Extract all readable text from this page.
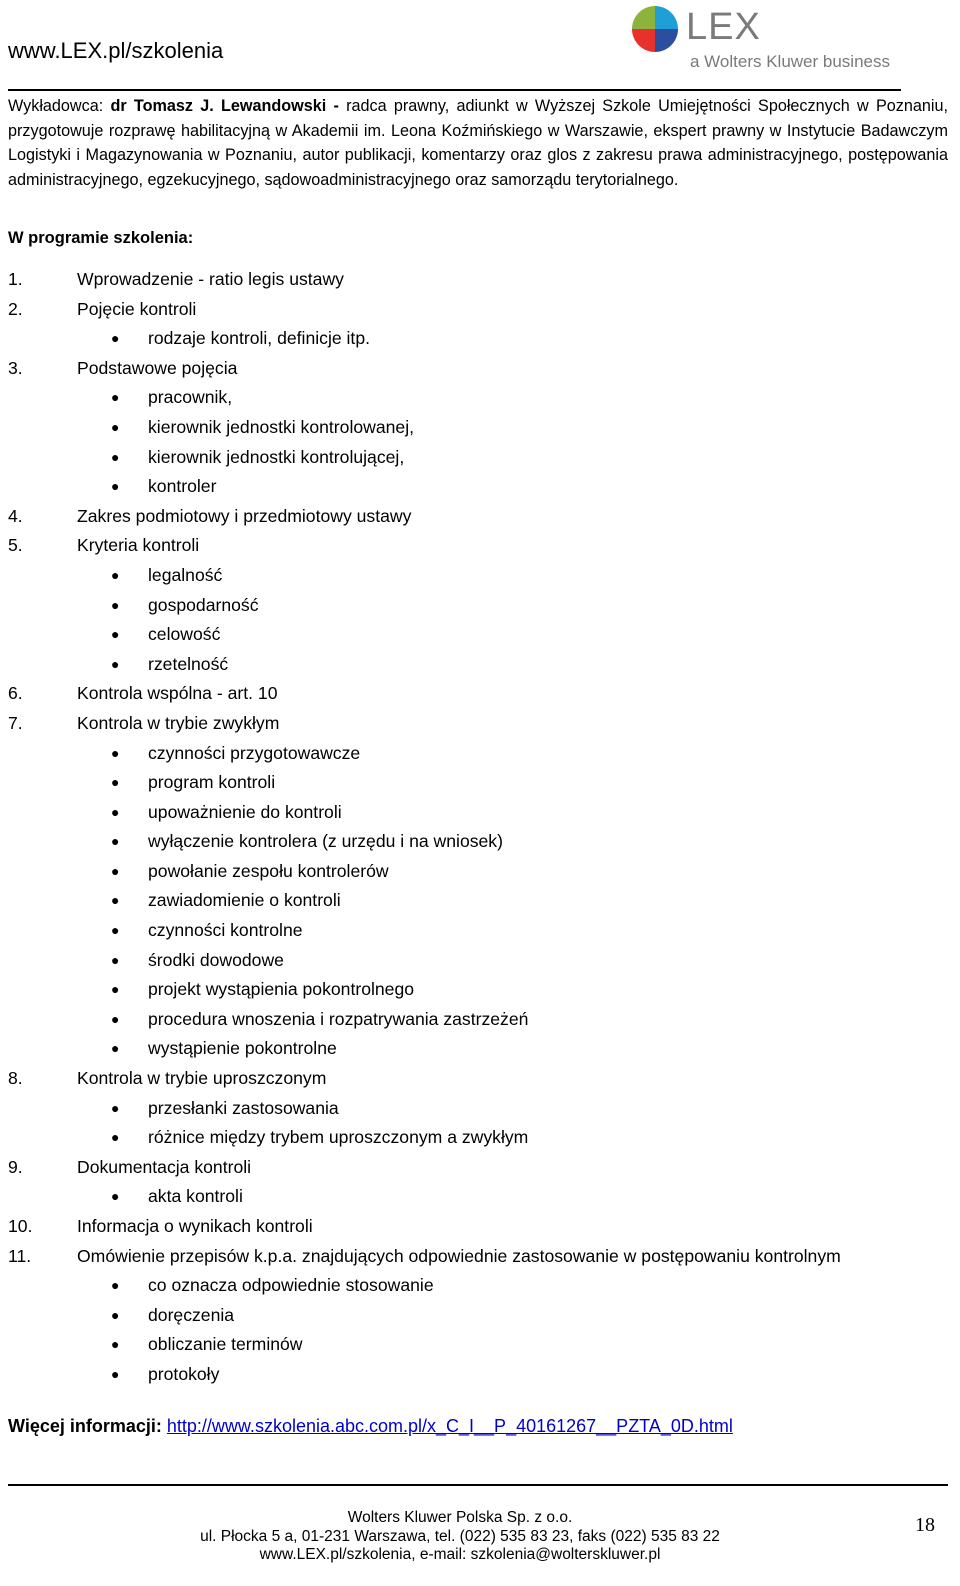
www.LEX.pl/szkolenia
LEX
a Wolters Kluwer business
Wykładowca: dr Tomasz J. Lewandowski - radca prawny, adiunkt w Wyższej Szkole Umiejętności Społecznych w Poznaniu, przygotowuje rozprawę habilitacyjną w Akademii im. Leona Koźmińskiego w Warszawie, ekspert prawny w Instytucie Badawczym Logistyki i Magazynowania w Poznaniu, autor publikacji, komentarzy oraz glos z zakresu prawa administracyjnego, postępowania administracyjnego, egzekucyjnego, sądowoadministracyjnego oraz samorządu terytorialnego.
W programie szkolenia:
1.	Wprowadzenie - ratio legis ustawy
2.	Pojęcie kontroli
● rodzaje kontroli, definicje itp.
3.	Podstawowe pojęcia
● pracownik,
● kierownik jednostki kontrolowanej,
● kierownik jednostki kontrolującej,
● kontroler
4.	Zakres podmiotowy i przedmiotowy ustawy
5.	Kryteria kontroli
● legalność
● gospodarność
● celowość
● rzetelność
6.	Kontrola wspólna - art. 10
7.	Kontrola w trybie zwykłym
● czynności przygotowawcze
● program kontroli
● upoważnienie do kontroli
● wyłączenie kontrolera (z urzędu i na wniosek)
● powołanie zespołu kontrolerów
● zawiadomienie o kontroli
● czynności kontrolne
● środki dowodowe
● projekt wystąpienia pokontrolnego
● procedura wnoszenia i rozpatrywania zastrzeżeń
● wystąpienie pokontrolne
8.	Kontrola w trybie uproszczonym
● przesłanki zastosowania
● różnice między trybem uproszczonym a zwykłym
9.	Dokumentacja kontroli
● akta kontroli
10.	Informacja o wynikach kontroli
11.	Omówienie przepisów k.p.a. znajdujących odpowiednie zastosowanie w postępowaniu kontrolnym
● co oznacza odpowiednie stosowanie
● doręczenia
● obliczanie terminów
● protokoły
Więcej informacji: http://www.szkolenia.abc.com.pl/x_C_I__P_40161267__PZTA_0D.html
Wolters Kluwer Polska Sp. z o.o.
ul. Płocka 5 a, 01-231 Warszawa, tel. (022) 535 83 23, faks (022) 535 83 22
www.LEX.pl/szkolenia, e-mail: szkolenia@wolterskluwer.pl
18
